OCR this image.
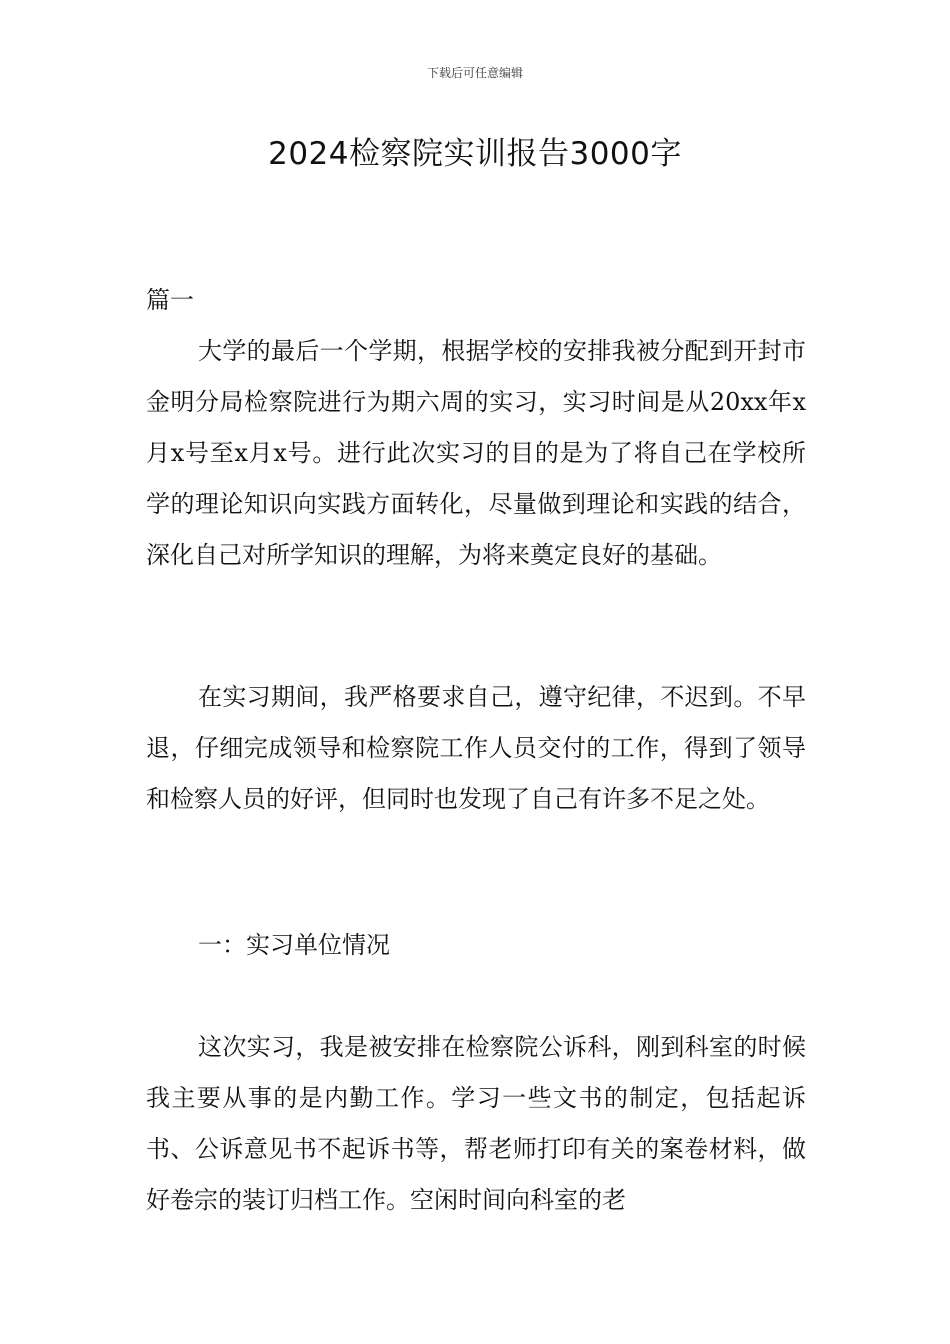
下载后可任意编辑
2024检察院实训报告3000字
篇一
大学的最后一个学期，根据学校的安排我被分配到开封市金明分局检察院进行为期六周的实习，实习时间是从20xx年x月x号至x月x号。进行此次实习的目的是为了将自己在学校所学的理论知识向实践方面转化，尽量做到理论和实践的结合，深化自己对所学知识的理解，为将来奠定良好的基础。
在实习期间，我严格要求自己，遵守纪律，不迟到。不早退，仔细完成领导和检察院工作人员交付的工作，得到了领导和检察人员的好评，但同时也发现了自己有许多不足之处。
一：实习单位情况
这次实习，我是被安排在检察院公诉科，刚到科室的时候我主要从事的是内勤工作。学习一些文书的制定，包括起诉书、公诉意见书不起诉书等，帮老师打印有关的案卷材料，做好卷宗的装订归档工作。空闲时间向科室的老
